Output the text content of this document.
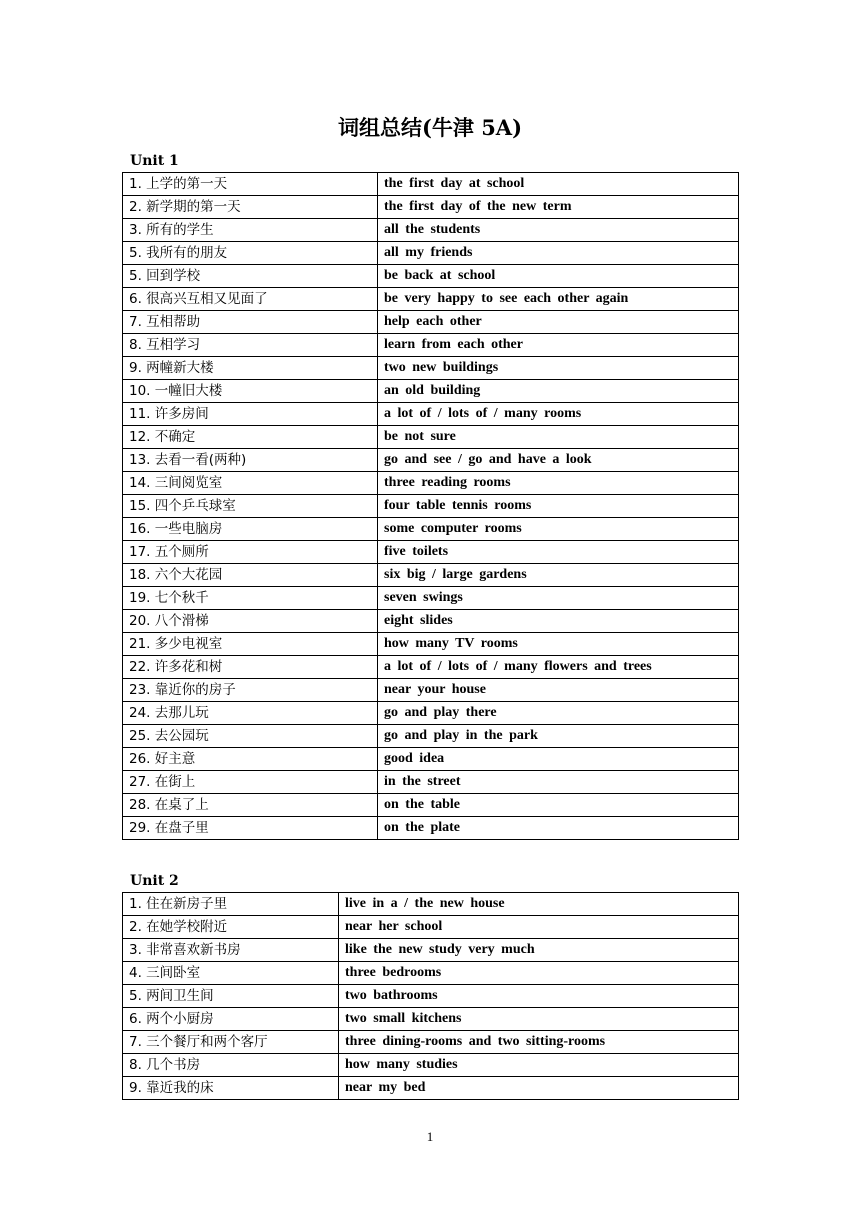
词组总结(牛津 5A)
Unit 1
1. 上学的第一天	the first day at school
2. 新学期的第一天	the first day of the new term
3. 所有的学生	all the students
5. 我所有的朋友	all my friends
5. 回到学校	be back at school
6. 很高兴互相又见面了	be very happy to see each other again
7. 互相帮助	help each other
8. 互相学习	learn from each other
9. 两幢新大楼	two new buildings
10. 一幢旧大楼	an old building
11. 许多房间	a lot of / lots of / many rooms
12. 不确定	be not sure
13. 去看一看(两种)	go and see / go and have a look
14. 三间阅览室	three reading rooms
15. 四个乒乓球室	four table tennis rooms
16. 一些电脑房	some computer rooms
17. 五个厕所	five toilets
18. 六个大花园	six big / large gardens
19. 七个秋千	seven swings
20. 八个滑梯	eight slides
21. 多少电视室	how many TV rooms
22. 许多花和树	a lot of / lots of / many flowers and trees
23. 靠近你的房子	near your house
24. 去那儿玩	go and play there
25. 去公园玩	go and play in the park
26. 好主意	good idea
27. 在街上	in the street
28. 在桌了上	on the table
29. 在盘子里	on the plate
Unit 2
1. 住在新房子里	live in a / the new house
2. 在她学校附近	near her school
3. 非常喜欢新书房	like the new study very much
4. 三间卧室	three bedrooms
5. 两间卫生间	two bathrooms
6. 两个小厨房	two small kitchens
7. 三个餐厅和两个客厅	three dining-rooms and two sitting-rooms
8. 几个书房	how many studies
9. 靠近我的床	near my bed
1
